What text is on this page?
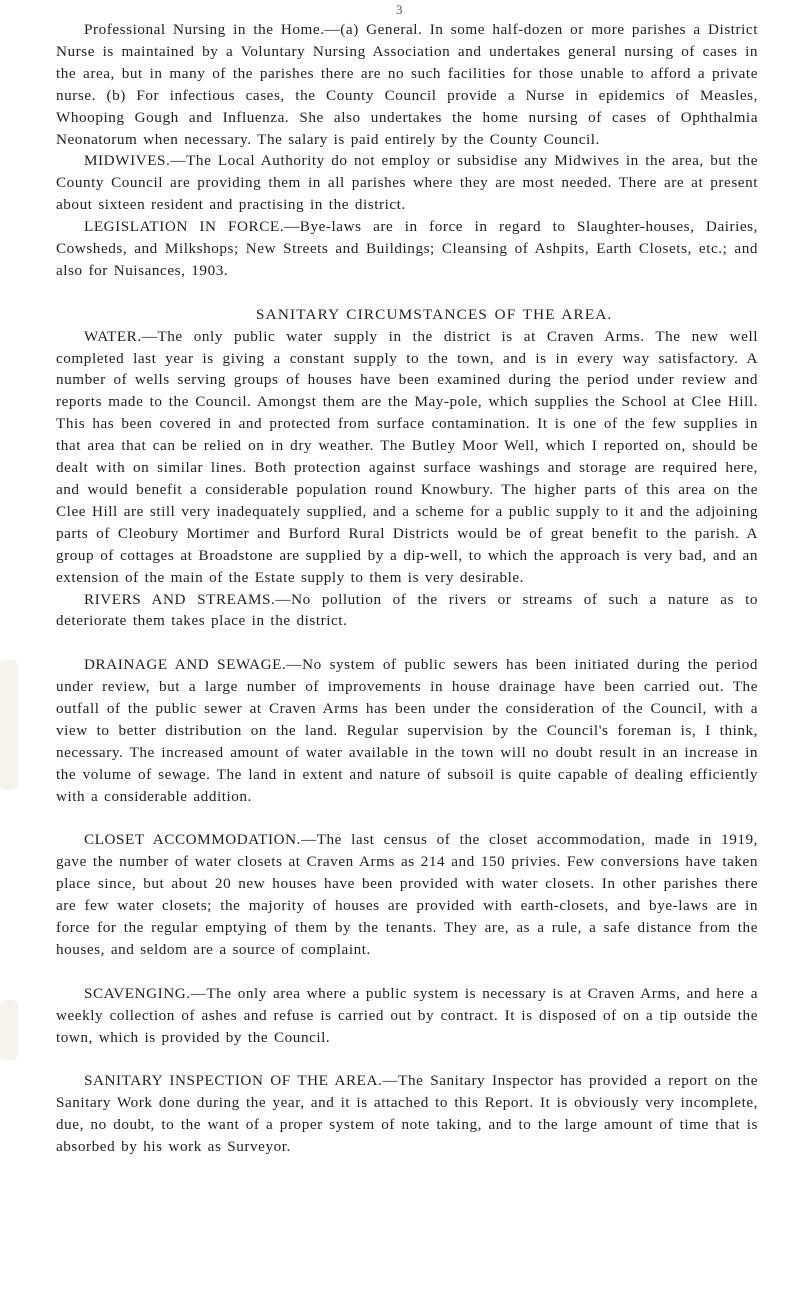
3

Professional Nursing in the Home.—(a) General. In some half-dozen or more parishes a District Nurse is maintained by a Voluntary Nursing Association and undertakes general nursing of cases in the area, but in many of the parishes there are no such facilities for those unable to afford a private nurse. (b) For infectious cases, the County Council provide a Nurse in epidemics of Measles, Whooping Gough and Influenza. She also undertakes the home nursing of cases of Ophthalmia Neonatorum when necessary. The salary is paid entirely by the County Council.

MIDWIVES.—The Local Authority do not employ or subsidise any Midwives in the area, but the County Council are providing them in all parishes where they are most needed. There are at present about sixteen resident and practising in the district.

LEGISLATION IN FORCE.—Bye-laws are in force in regard to Slaughter-houses, Dairies, Cowsheds, and Milkshops; New Streets and Buildings; Cleansing of Ashpits, Earth Closets, etc.; and also for Nuisances, 1903.

SANITARY CIRCUMSTANCES OF THE AREA.

WATER.—The only public water supply in the district is at Craven Arms. The new well completed last year is giving a constant supply to the town, and is in every way satisfactory. A number of wells serving groups of houses have been examined during the period under review and reports made to the Council. Amongst them are the May-pole, which supplies the School at Clee Hill. This has been covered in and protected from surface contamination. It is one of the few supplies in that area that can be relied on in dry weather. The Butley Moor Well, which I reported on, should be dealt with on similar lines. Both protection against surface washings and storage are required here, and would benefit a considerable population round Knowbury. The higher parts of this area on the Clee Hill are still very inadequately supplied, and a scheme for a public supply to it and the adjoining parts of Cleobury Mortimer and Burford Rural Districts would be of great benefit to the parish. A group of cottages at Broadstone are supplied by a dip-well, to which the approach is very bad, and an extension of the main of the Estate supply to them is very desirable.

RIVERS AND STREAMS.—No pollution of the rivers or streams of such a nature as to deteriorate them takes place in the district.

DRAINAGE AND SEWAGE.—No system of public sewers has been initiated during the period under review, but a large number of improvements in house drainage have been carried out. The outfall of the public sewer at Craven Arms has been under the consideration of the Council, with a view to better distribution on the land. Regular supervision by the Council's foreman is, I think, necessary. The increased amount of water available in the town will no doubt result in an increase in the volume of sewage. The land in extent and nature of subsoil is quite capable of dealing efficiently with a considerable addition.

CLOSET ACCOMMODATION.—The last census of the closet accommodation, made in 1919, gave the number of water closets at Craven Arms as 214 and 150 privies. Few conversions have taken place since, but about 20 new houses have been provided with water closets. In other parishes there are few water closets; the majority of houses are provided with earth-closets, and bye-laws are in force for the regular emptying of them by the tenants. They are, as a rule, a safe distance from the houses, and seldom are a source of complaint.

SCAVENGING.—The only area where a public system is necessary is at Craven Arms, and here a weekly collection of ashes and refuse is carried out by contract. It is disposed of on a tip outside the town, which is provided by the Council.

SANITARY INSPECTION OF THE AREA.—The Sanitary Inspector has provided a report on the Sanitary Work done during the year, and it is attached to this Report. It is obviously very incomplete, due, no doubt, to the want of a proper system of note taking, and to the large amount of time that is absorbed by his work as Surveyor.
